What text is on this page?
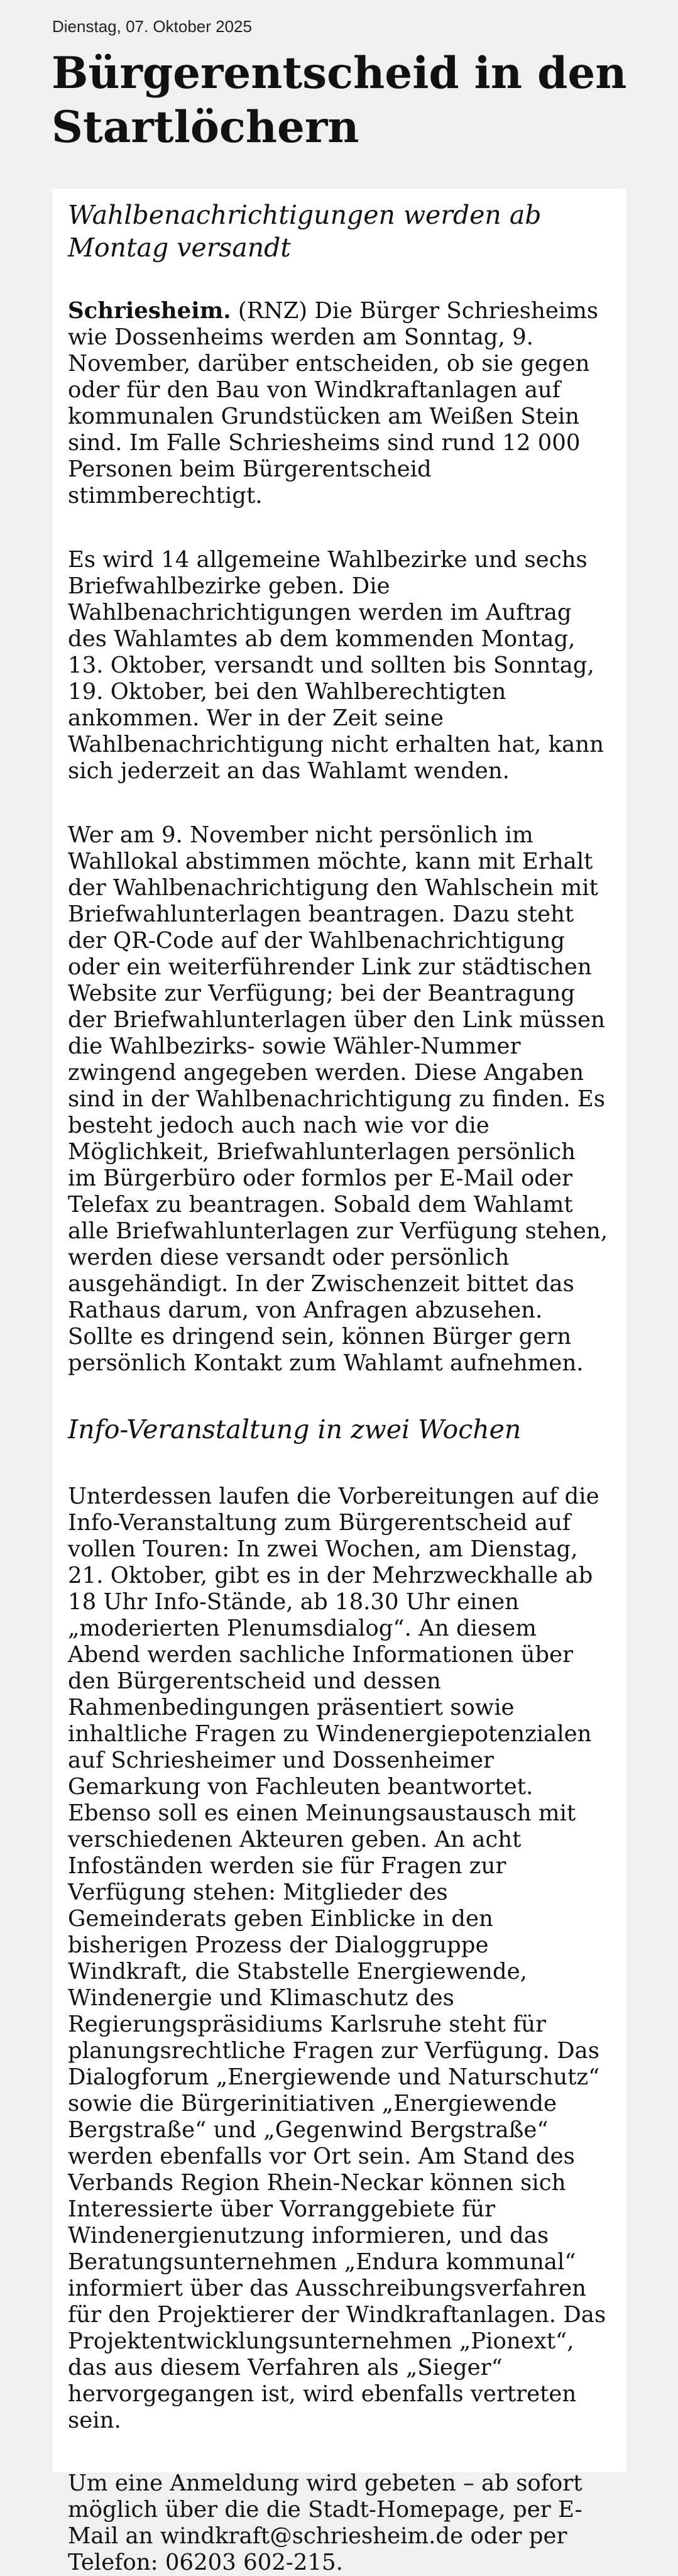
Dienstag, 07. Oktober 2025
Bürgerentscheid in den Startlöchern
Wahlbenachrichtigungen werden ab Montag versandt

Schriesheim. (RNZ) Die Bürger Schriesheims wie Dossenheims werden am Sonntag, 9. November, darüber entscheiden, ob sie gegen oder für den Bau von Windkraftanlagen auf kommunalen Grundstücken am Weißen Stein sind. Im Falle Schriesheims sind rund 12 000 Personen beim Bürgerentscheid stimmberechtigt.

Es wird 14 allgemeine Wahlbezirke und sechs Briefwahlbezirke geben. Die Wahlbenachrichtigungen werden im Auftrag des Wahlamtes ab dem kommenden Montag, 13. Oktober, versandt und sollten bis Sonntag, 19. Oktober, bei den Wahlberechtigten ankommen. Wer in der Zeit seine Wahlbenachrichtigung nicht erhalten hat, kann sich jederzeit an das Wahlamt wenden.

Wer am 9. November nicht persönlich im Wahllokal abstimmen möchte, kann mit Erhalt der Wahlbenachrichtigung den Wahlschein mit Briefwahlunterlagen beantragen. Dazu steht der QR-Code auf der Wahlbenachrichtigung oder ein weiterführender Link zur städtischen Website zur Verfügung; bei der Beantragung der Briefwahlunterlagen über den Link müssen die Wahlbezirks- sowie Wähler-Nummer zwingend angegeben werden. Diese Angaben sind in der Wahlbenachrichtigung zu finden. Es besteht jedoch auch nach wie vor die Möglichkeit, Briefwahlunterlagen persönlich im Bürgerbüro oder formlos per E-Mail oder Telefax zu beantragen. Sobald dem Wahlamt alle Briefwahlunterlagen zur Verfügung stehen, werden diese versandt oder persönlich ausgehändigt. In der Zwischenzeit bittet das Rathaus darum, von Anfragen abzusehen. Sollte es dringend sein, können Bürger gern persönlich Kontakt zum Wahlamt aufnehmen.

Info-Veranstaltung in zwei Wochen

Unterdessen laufen die Vorbereitungen auf die Info-Veranstaltung zum Bürgerentscheid auf vollen Touren: In zwei Wochen, am Dienstag, 21. Oktober, gibt es in der Mehrzweckhalle ab 18 Uhr Info-Stände, ab 18.30 Uhr einen „moderierten Plenumsdialog“. An diesem Abend werden sachliche Informationen über den Bürgerentscheid und dessen Rahmenbedingungen präsentiert sowie inhaltliche Fragen zu Windenergiepotenzialen auf Schriesheimer und Dossenheimer Gemarkung von Fachleuten beantwortet. Ebenso soll es einen Meinungsaustausch mit verschiedenen Akteuren geben. An acht Infoständen werden sie für Fragen zur Verfügung stehen: Mitglieder des Gemeinderats geben Einblicke in den bisherigen Prozess der Dialoggruppe Windkraft, die Stabstelle Energiewende, Windenergie und Klimaschutz des Regierungspräsidiums Karlsruhe steht für planungsrechtliche Fragen zur Verfügung. Das Dialogforum „Energiewende und Naturschutz“ sowie die Bürgerinitiativen „Energiewende Bergstraße“ und „Gegenwind Bergstraße“ werden ebenfalls vor Ort sein. Am Stand des Verbands Region Rhein-Neckar können sich Interessierte über Vorranggebiete für Windenergienutzung informieren, und das Beratungsunternehmen „Endura kommunal“ informiert über das Ausschreibungsverfahren für den Projektierer der Windkraftanlagen. Das Projektentwicklungsunternehmen „Pionext“, das aus diesem Verfahren als „Sieger“ hervorgegangen ist, wird ebenfalls vertreten sein.

Um eine Anmeldung wird gebeten – ab sofort möglich über die die Stadt-Homepage, per E-Mail an windkraft@schriesheim.de oder per Telefon: 06203 602-215.
